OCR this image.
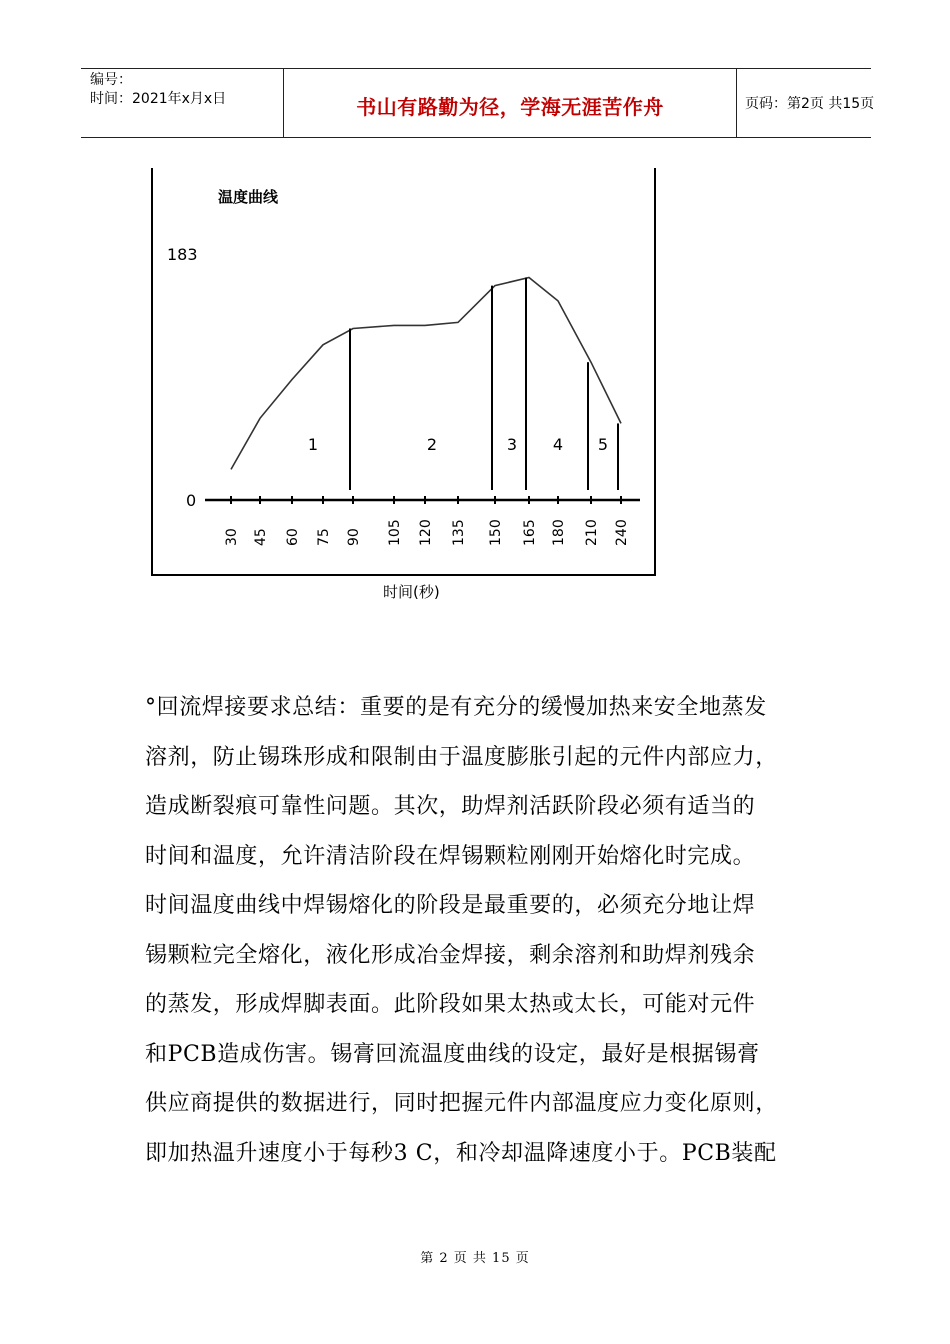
编号：
时间：2021年x月x日	书山有路勤为径，学海无涯苦作舟	页码：第2页 共15页
温度曲线
183
0
30 45 60 75 90 105 120 135 150 165 180 210 240
1	2	3 4 5
时间(秒)

°回流焊接要求总结：重要的是有充分的缓慢加热来安全地蒸发

溶剂，防止锡珠形成和限制由于温度膨胀引起的元件内部应力，

造成断裂痕可靠性问题。其次，助焊剂活跃阶段必须有适当的

时间和温度，允许清洁阶段在焊锡颗粒刚刚开始熔化时完成。

时间温度曲线中焊锡熔化的阶段是最重要的，必须充分地让焊

锡颗粒完全熔化，液化形成冶金焊接，剩余溶剂和助焊剂残余

的蒸发，形成焊脚表面。此阶段如果太热或太长，可能对元件

和PCB造成伤害。锡膏回流温度曲线的设定，最好是根据锡膏

供应商提供的数据进行，同时把握元件内部温度应力变化原则，

即加热温升速度小于每秒3 C，和冷却温降速度小于。PCB装配

第 2 页 共 15 页
